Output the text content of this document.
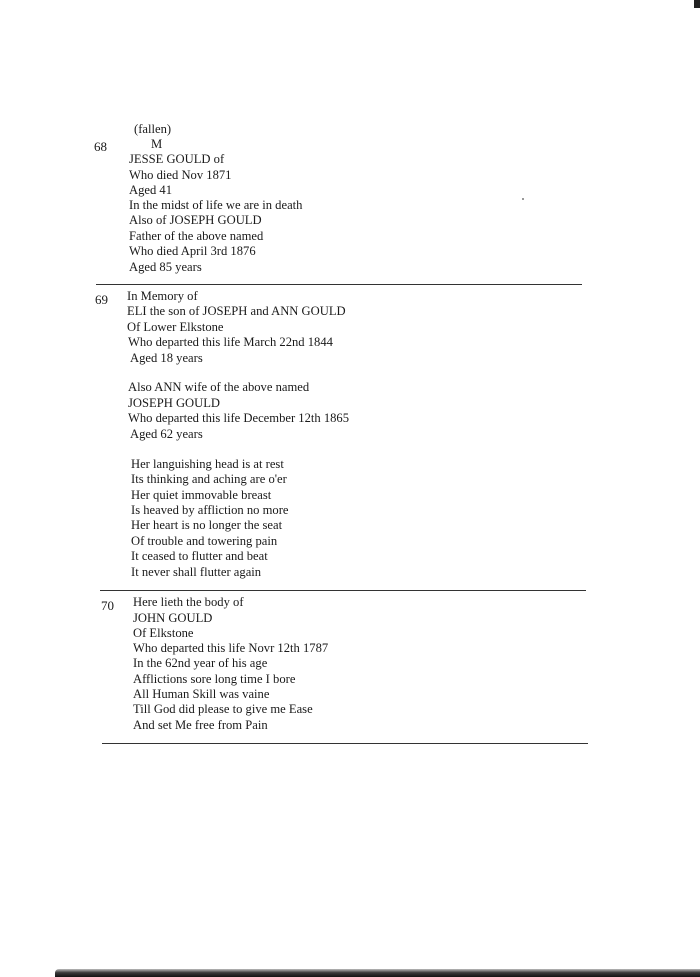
(fallen)
68	M
JESSE GOULD of
Who died Nov 1871
Aged 41
In the midst of life we are in death
Also of JOSEPH GOULD
Father of the above named
Who died April 3rd 1876
Aged 85 years
69 In Memory of
ELI the son of JOSEPH and ANN GOULD
Of Lower Elkstone
Who departed this life March 22nd 1844
Aged 18 years
Also ANN wife of the above named
JOSEPH GOULD
Who departed this life December 12th 1865
Aged 62 years
Her languishing head is at rest
Its thinking and aching are o'er
Her quiet immovable breast
Is heaved by affliction no more
Her heart is no longer the seat
Of trouble and towering pain
It ceased to flutter and beat
It never shall flutter again
70 Here lieth the body of
JOHN GOULD
Of Elkstone
Who departed this life Novr 12th 1787
In the 62nd year of his age
Afflictions sore long time I bore
All Human Skill was vaine
Till God did please to give me Ease
And set Me free from Pain
